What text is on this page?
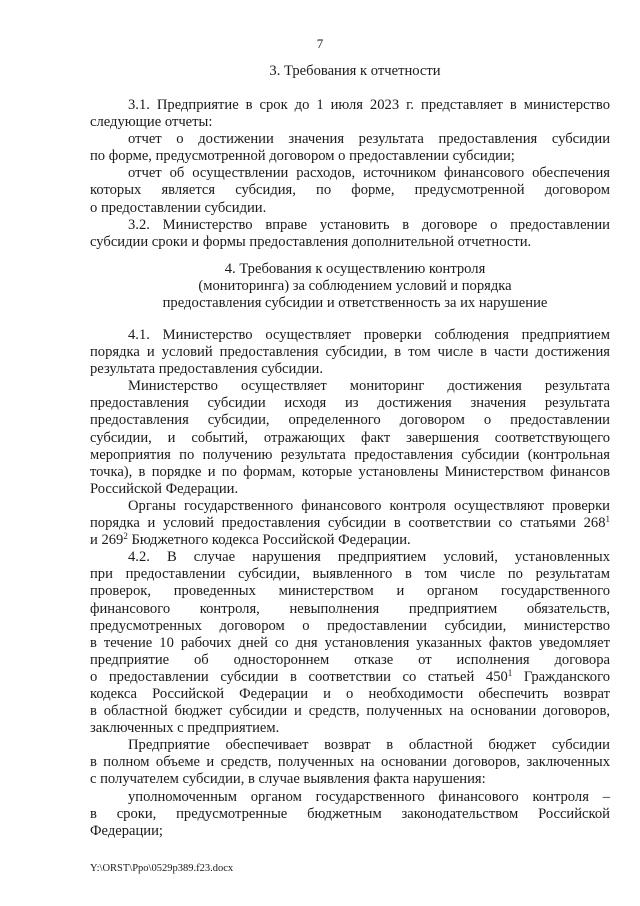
7
3. Требования к отчетности
3.1. Предприятие в срок до 1 июля 2023 г. представляет в министерство
следующие отчеты:
отчет о достижении значения результата предоставления субсидии
по форме, предусмотренной договором о предоставлении субсидии;
отчет об осуществлении расходов, источником финансового обеспечения
которых является субсидия, по форме, предусмотренной договором
о предоставлении субсидии.
3.2. Министерство вправе установить в договоре о предоставлении
субсидии сроки и формы предоставления дополнительной отчетности.
4. Требования к осуществлению контроля
(мониторинга) за соблюдением условий и порядка
предоставления субсидии и ответственность за их нарушение
4.1. Министерство осуществляет проверки соблюдения предприятием
порядка и условий предоставления субсидии, в том числе в части достижения
результата предоставления субсидии.
Министерство осуществляет мониторинг достижения результата
предоставления субсидии исходя из достижения значения результата
предоставления субсидии, определенного договором о предоставлении
субсидии, и событий, отражающих факт завершения соответствующего
мероприятия по получению результата предоставления субсидии (контрольная
точка), в порядке и по формам, которые установлены Министерством финансов
Российской Федерации.
Органы государственного финансового контроля осуществляют проверки
порядка и условий предоставления субсидии в соответствии со статьями $268^1$
и $269^2$ Бюджетного кодекса Российской Федерации.
4.2. В случае нарушения предприятием условий, установленных
при предоставлении субсидии, выявленного в том числе по результатам
проверок, проведенных министерством и органом государственного
финансового контроля, невыполнения предприятием обязательств,
предусмотренных договором о предоставлении субсидии, министерство
в течение 10 рабочих дней со дня установления указанных фактов уведомляет
предприятие об одностороннем отказе от исполнения договора
о предоставлении субсидии в соответствии со статьей $450^1$ Гражданского
кодекса Российской Федерации и о необходимости обеспечить возврат
в областной бюджет субсидии и средств, полученных на основании договоров,
заключенных с предприятием.
Предприятие обеспечивает возврат в областной бюджет субсидии
в полном объеме и средств, полученных на основании договоров, заключенных
с получателем субсидии, в случае выявления факта нарушения:
уполномоченным органом государственного финансового контроля –
в сроки, предусмотренные бюджетным законодательством Российской
Федерации;
Y:\ORST\Ppo\0529p389.f23.docx
